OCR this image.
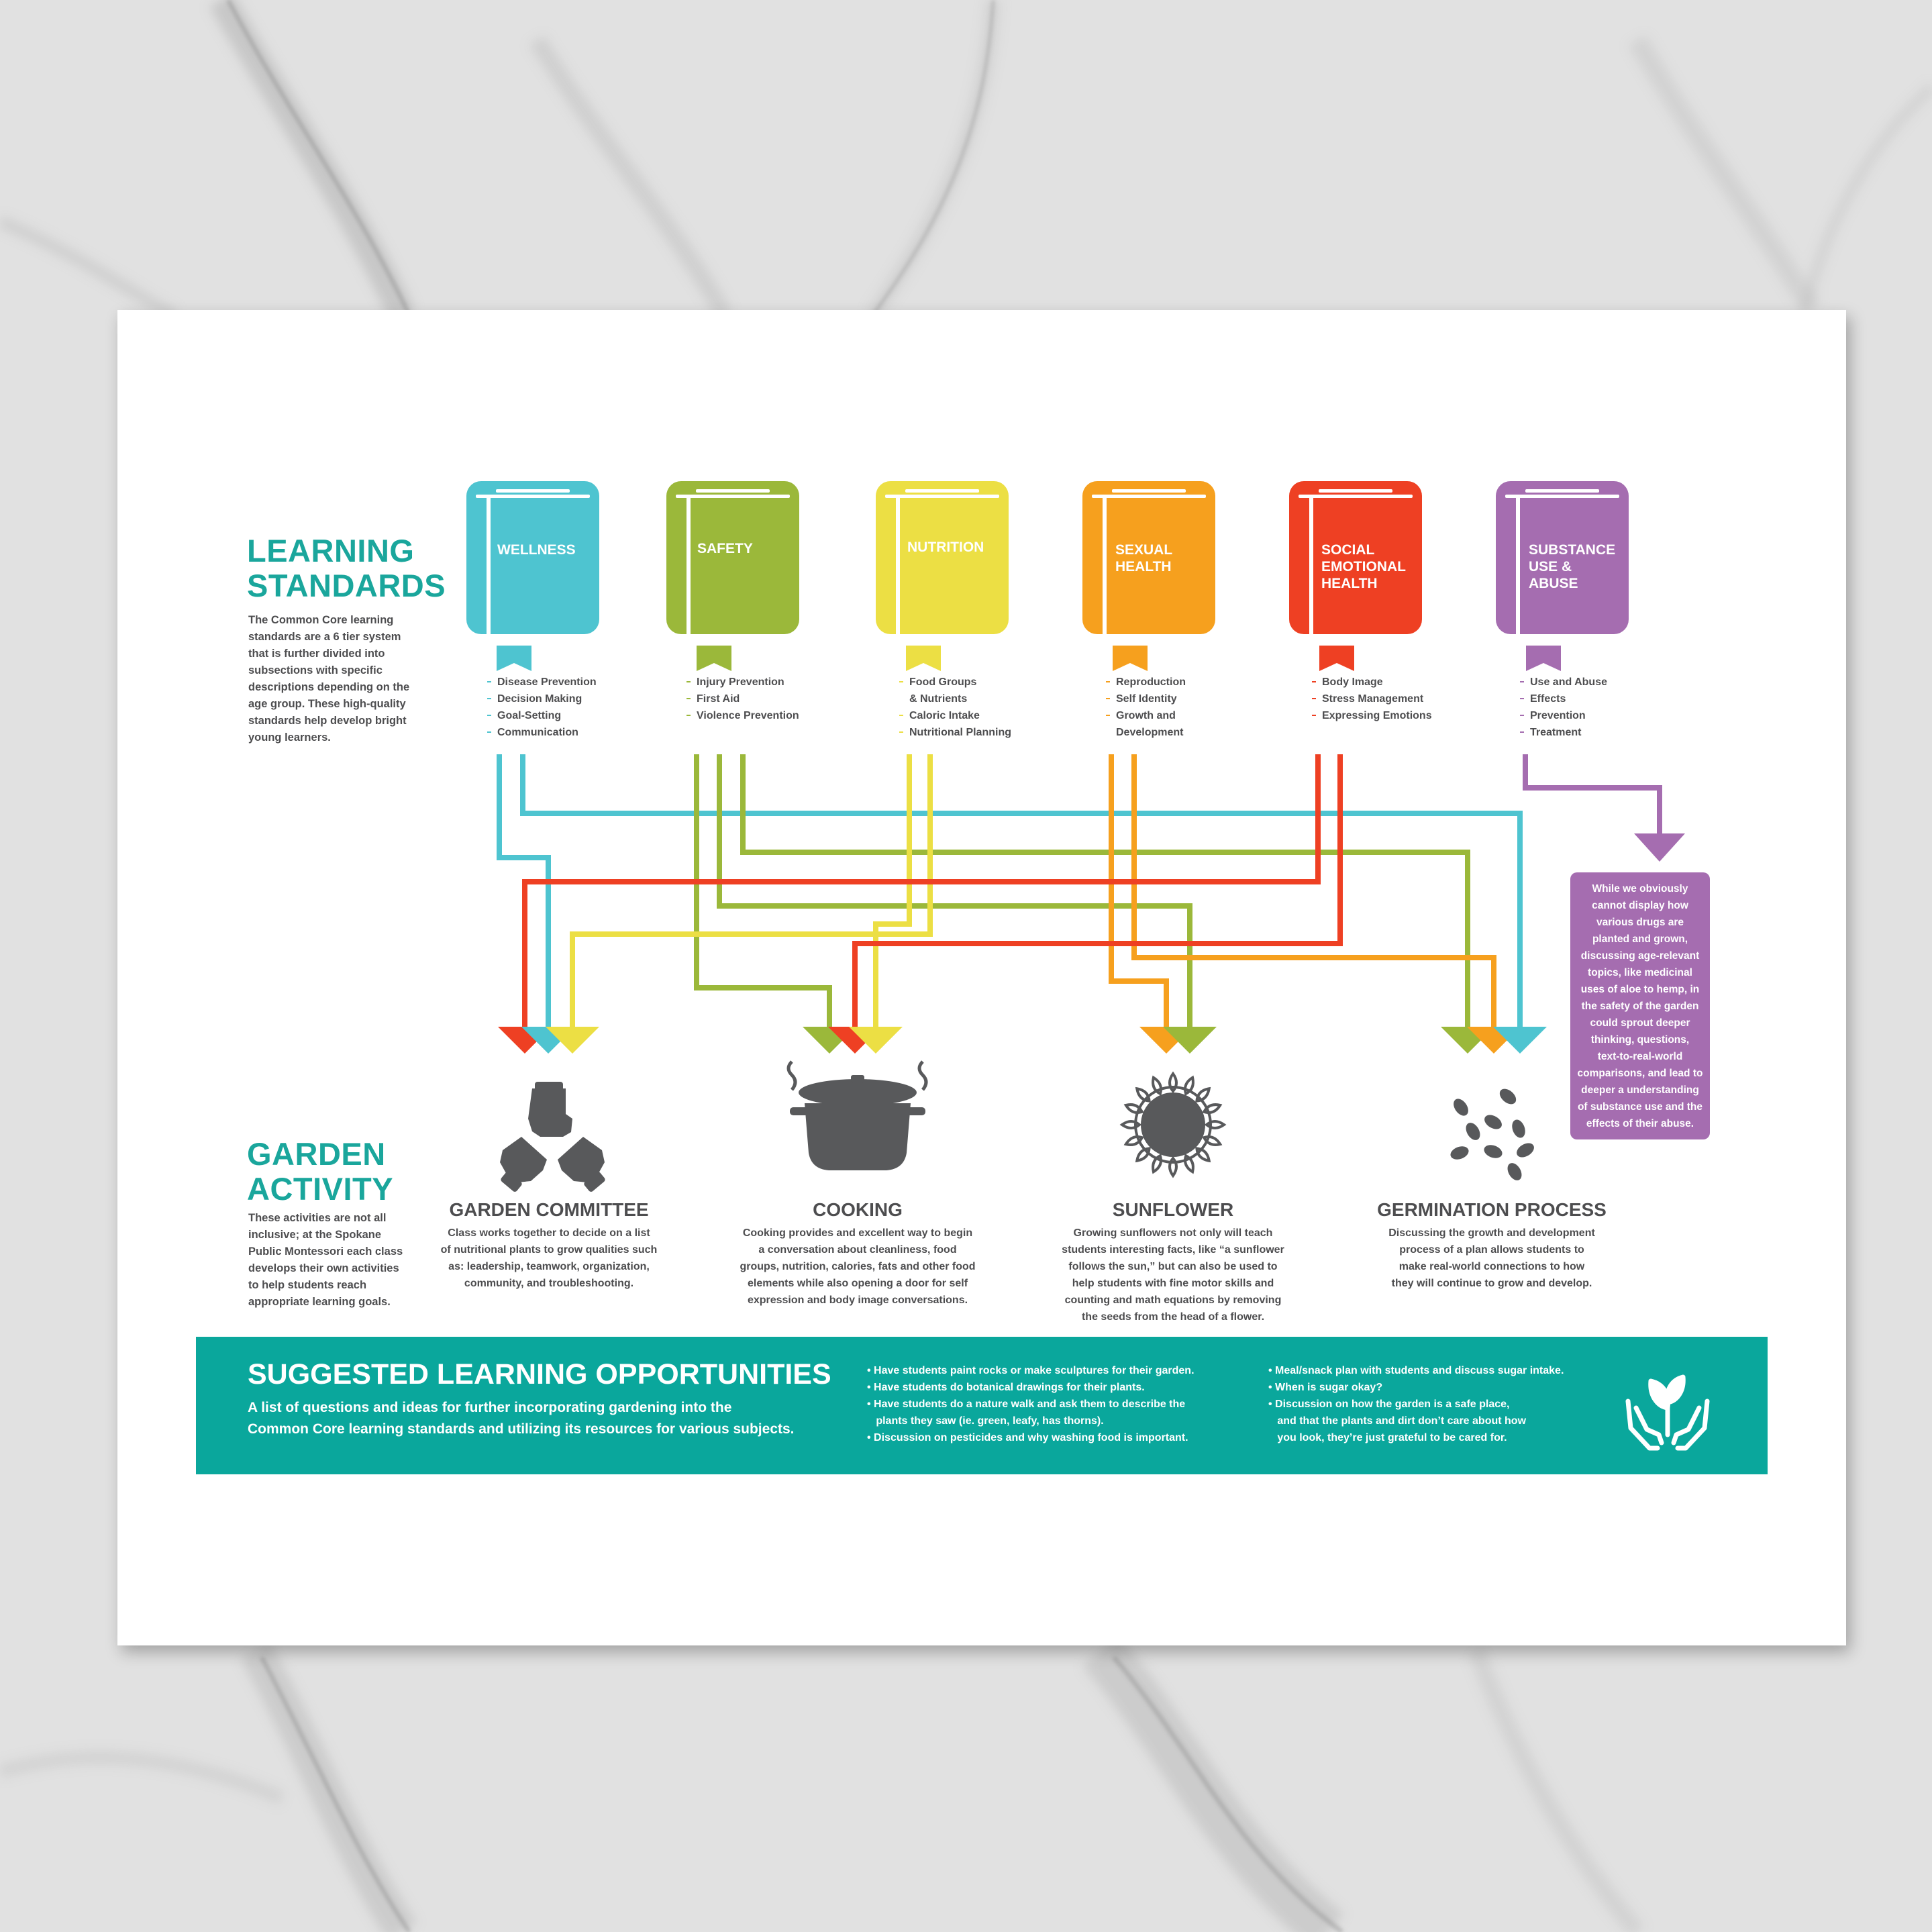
LEARNING
STANDARDS

The Common Core learning
standards are a 6 tier system
that is further divided into
subsections with specific
descriptions depending on the
age group. These high-quality
standards help develop bright
young learners.

WELLNESS	SAFETY	NUTRITION	SEXUAL
HEALTH
SOCIAL
EMOTIONAL
HEALTH
SUBSTANCE
USE &
ABUSE
Disease Prevention
Decision Making
Goal-Setting
Communication
Injury Prevention
First Aid
Violence Prevention
Food Groups
& Nutrients
Caloric Intake
Nutritional Planning
Reproduction
Self Identity
Growth and
Development
Body Image
Stress Management
Expressing Emotions
Use and Abuse
Effects
Prevention
Treatment

While we obviously
cannot display how
various drugs are
planted and grown,
discussing age-relevant
topics, like medicinal
uses of aloe to hemp, in
the safety of the garden
could sprout deeper
thinking, questions,
text-to-real-world
comparisons, and lead to
deeper a understanding
of substance use and the
effects of their abuse.

GARDEN
ACTIVITY

These activities are not all
inclusive; at the Spokane
Public Montessori each class
develops their own activities
to help students reach
appropriate learning goals.

GARDEN COMMITTEE

Class works together to decide on a list
of nutritional plants to grow qualities such
as: leadership, teamwork, organization,
community, and troubleshooting.

COOKING

Cooking provides and excellent way to begin
a conversation about cleanliness, food
groups, nutrition, calories, fats and other food
elements while also opening a door for self
expression and body image conversations.

SUNFLOWER

Growing sunflowers not only will teach
students interesting facts, like “a sunflower
follows the sun,” but can also be used to
help students with fine motor skills and
counting and math equations by removing
the seeds from the head of a flower.

GERMINATION PROCESS

Discussing the growth and development
process of a plan allows students to
make real-world connections to how
they will continue to grow and develop.

SUGGESTED LEARNING OPPORTUNITIES

A list of questions and ideas for further incorporating gardening into the
Common Core learning standards and utilizing its resources for various subjects.

• Have students paint rocks or make sculptures for their garden.
• Have students do botanical drawings for their plants.
• Have students do a nature walk and ask them to describe the
plants they saw (ie. green, leafy, has thorns).
• Discussion on pesticides and why washing food is important.
• Meal/snack plan with students and discuss sugar intake.
• When is sugar okay?
• Discussion on how the garden is a safe place,
and that the plants and dirt don’t care about how
you look, they’re just grateful to be cared for.
